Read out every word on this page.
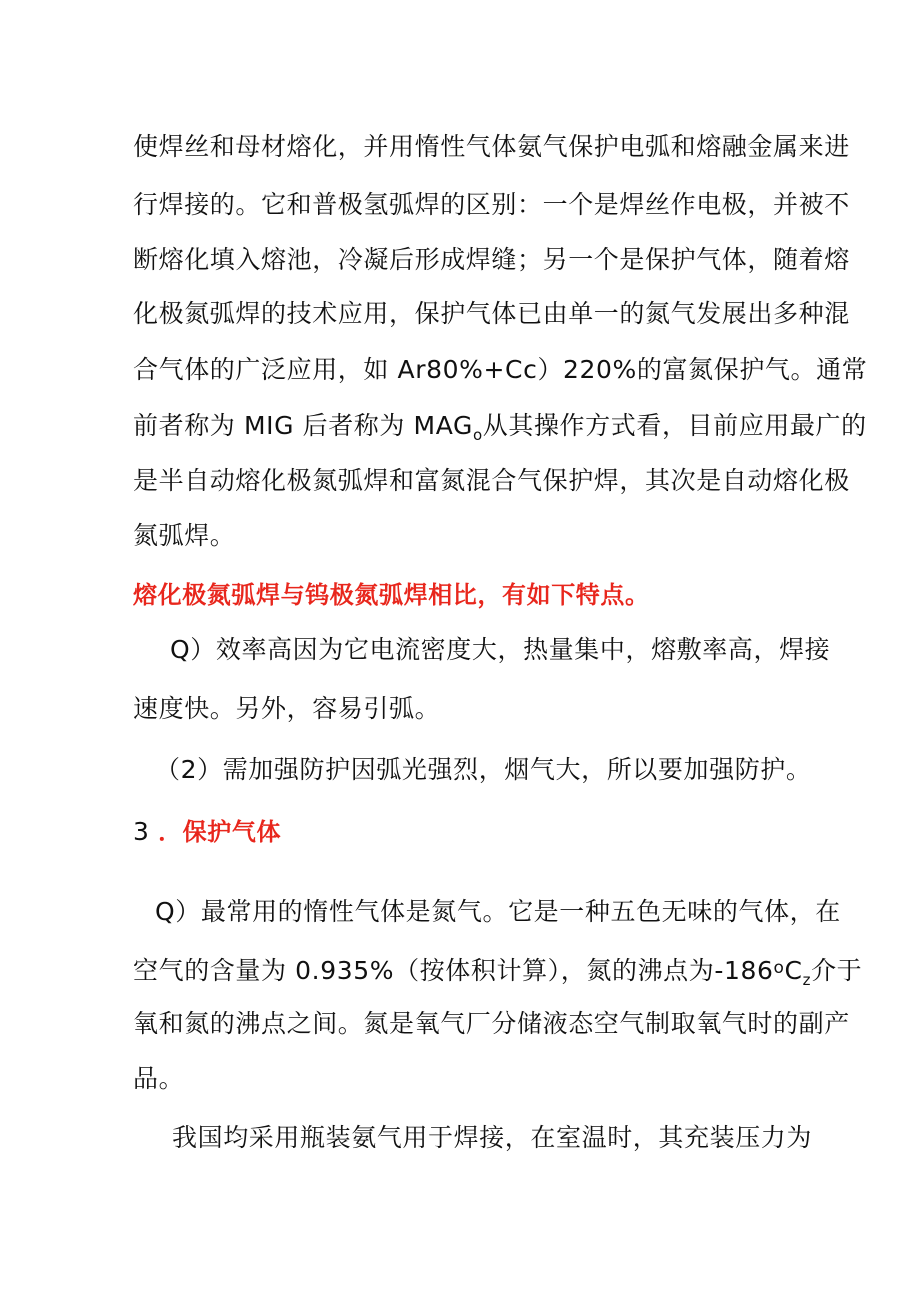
使焊丝和母材熔化，并用惰性气体氨气保护电弧和熔融金属来进
行焊接的。它和普极氢弧焊的区别：一个是焊丝作电极，并被不
断熔化填入熔池，冷凝后形成焊缝；另一个是保护气体，随着熔
化极氮弧焊的技术应用，保护气体已由单一的氮气发展出多种混
合气体的广泛应用，如 Ar80%+Cc）220%的富氮保护气。通常
前者称为 MIG 后者称为 $MAG_o$从其操作方式看，目前应用最广的
是半自动熔化极氮弧焊和富氮混合气保护焊，其次是自动熔化极
氮弧焊。
熔化极氮弧焊与钨极氮弧焊相比，有如下特点。
Q）效率高因为它电流密度大，热量集中，熔敷率高，焊接
速度快。另外，容易引弧。
（2）需加强防护因弧光强烈，烟气大，所以要加强防护。
3 ．保护气体
Q）最常用的惰性气体是氮气。它是一种五色无味的气体，在
空气的含量为 0.935%（按体积计算），氮的沸点为$-186^oC_z$介于
氧和氮的沸点之间。氮是氧气厂分储液态空气制取氧气时的副产
品。
我国均采用瓶装氨气用于焊接，在室温时，其充装压力为
